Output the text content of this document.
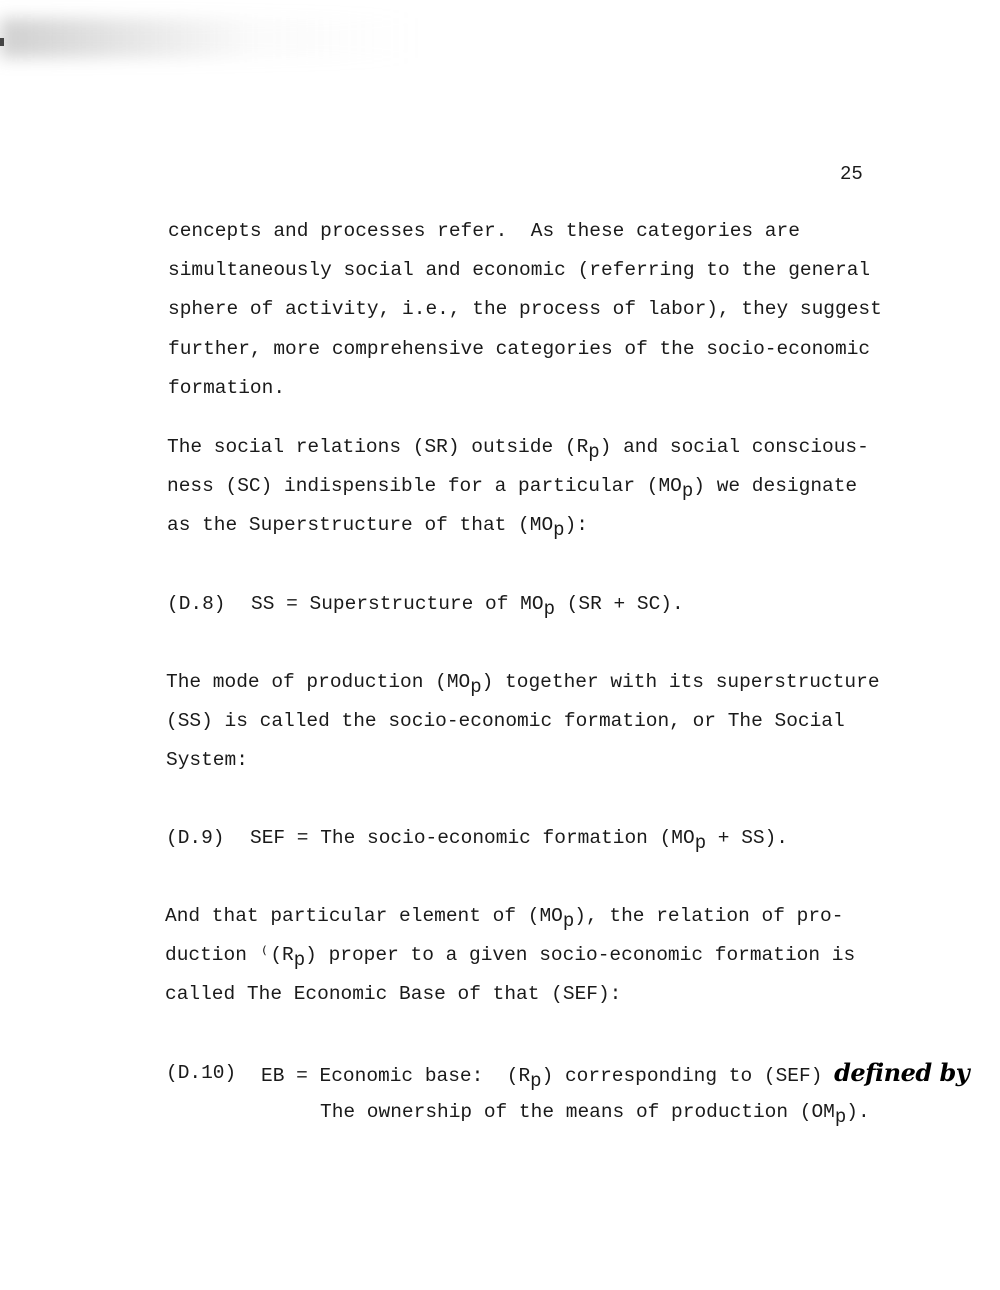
25

cencepts and processes refer.  As these categories are

simultaneously social and economic (referring to the general

sphere of activity, i.e., the process of labor), they suggest

further, more comprehensive categories of the socio-economic

formation.

The social relations (SR) outside $(R_p)$ and social conscious-

ness (SC) indispensible for a particular $(MO_p)$ we designate

as the Superstructure of that $(MO_p)$:

(D.8) SS = Superstructure of $MO_p$ (SR + SC).

The mode of production $(MO_p)$ together with its superstructure

(SS) is called the socio-economic formation, or The Social

System:

(D.9) SEF = The socio-economic formation $(MO_p + SS)$.

And that particular element of $(MO_p)$, the relation of pro-

duction $^((R_p)$ proper to a given socio-economic formation is

called The Economic Base of that (SEF):

(D.10) EB = Economic base:  $(R_p)$ corresponding to (SEF) defined by

The ownership of the means of production $(OM_p)$.
